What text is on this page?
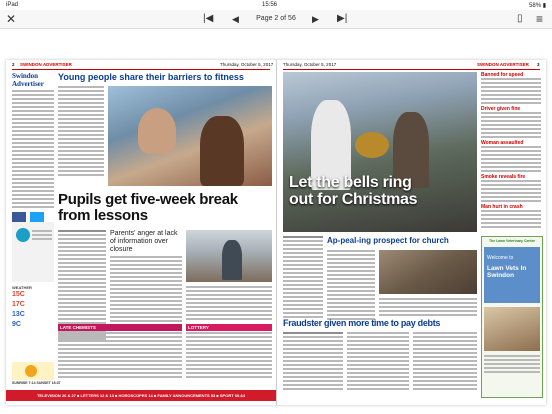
iPad	15:56	58% ▮
✕	|◀ ◀	Page 2 of 56	▶ ▶|	▯ ≡
2 SWINDON ADVERTISER	Thursday, October 5, 2017
Swindon Advertiser

WEATHER
15C
17C
13C
9C
Young people share their barriers to fitness
Pupils get five-week break from lessons
Parents' anger at lack of information over closure
LATE CHEMISTS	LOTTERY
SUNRISE 7:14 SUNSET 18:37
TELEVISION 26 & 27 ■ LETTERS 12 & 13 ■ HOROSCOPES 14 ■ FAMILY ANNOUNCEMENTS 53 ■ SPORT 60-64
Thursday, October 5, 2017	SWINDON ADVERTISER 3
Let the bells ring
out for Christmas
Ap-peal-ing prospect for church
Fraudster given more time to pay debts
Banned for speed
Driver given fine
Woman assaulted
Smoke reveals fire
Man hurt in crash
The Lawn Veterinary Centre
Welcome to
Lawn Vets In Swindon
